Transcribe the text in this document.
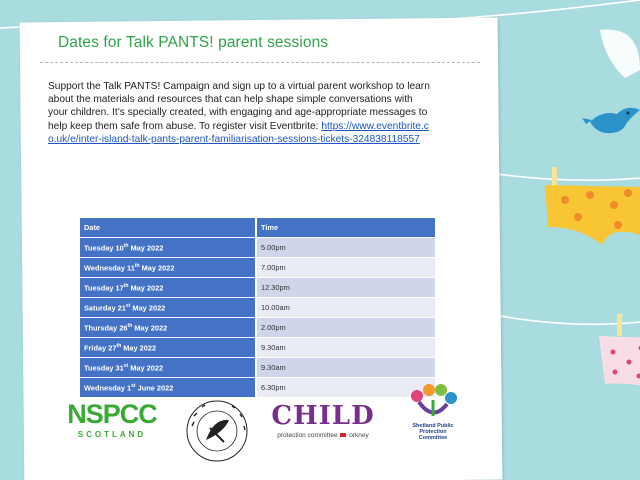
Dates for Talk PANTS! parent sessions
Support the Talk PANTS! Campaign and sign up to a virtual parent workshop to learn about the materials and resources that can help shape simple conversations with your children. It’s specially created, with engaging and age-appropriate messages to help keep them safe from abuse. To register visit Eventbrite: https://www.eventbrite.co.uk/e/inter-island-talk-pants-parent-familiarisation-sessions-tickets-324838118557
Date	Time
Tuesday 10th May 2022	5.00pm
Wednesday 11th May 2022	7.00pm
Tuesday 17th May 2022	12.30pm
Saturday 21st May 2022	10.00am
Thursday 26th May 2022	2.00pm
Friday 27th May 2022	9.30am
Tuesday 31st May 2022	9.30am
Wednesday 1st June 2022	6.30pm
NSPCC
SCOTLAND
CHILD
protection committee orkney
Shetland Public
Protection
Committee
